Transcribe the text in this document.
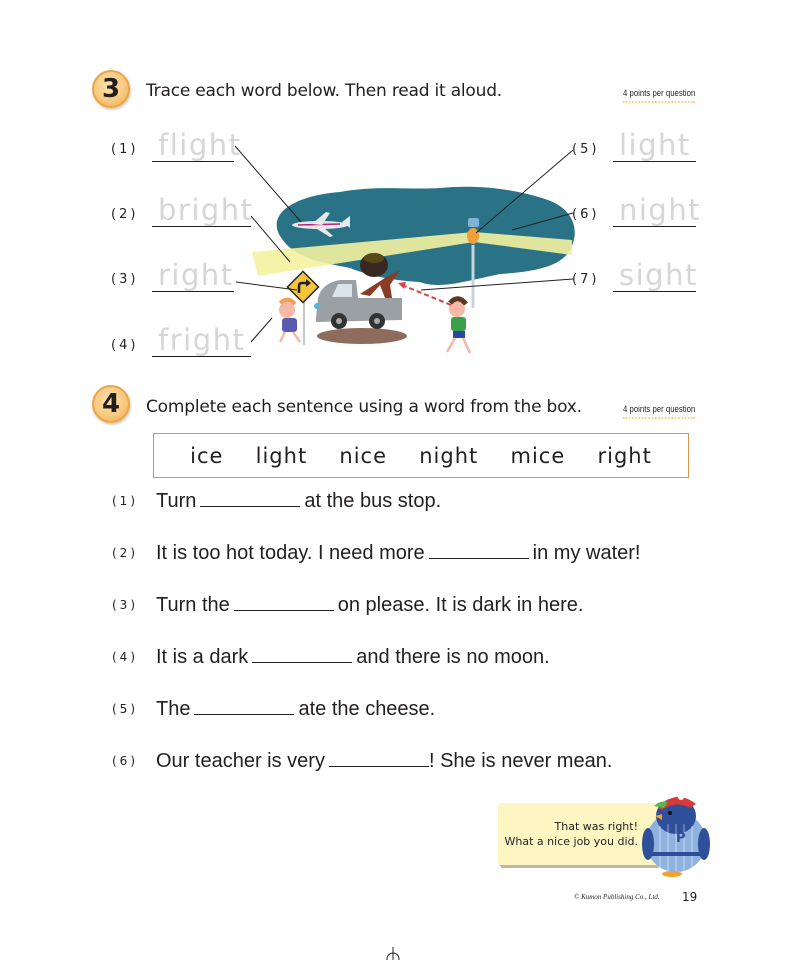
3 Trace each word below. Then read it aloud.	4 points per question
(1) flight
(2) bright
(3) right
(4) fright
(5) light
(6) night
(7) sight
4 Complete each sentence using a word from the box.	4 points per question
ice light nice night mice right
(1) Turn	at the bus stop.
(2) It is too hot today. I need more	in my water!
(3) Turn the	on please. It is dark in here.
(4) It is a dark	and there is no moon.
(5) The	ate the cheese.
(6) Our teacher is very	! She is never mean.
That was right!
What a nice job you did.	P
© Kumon Publishing Co., Ltd. 19
